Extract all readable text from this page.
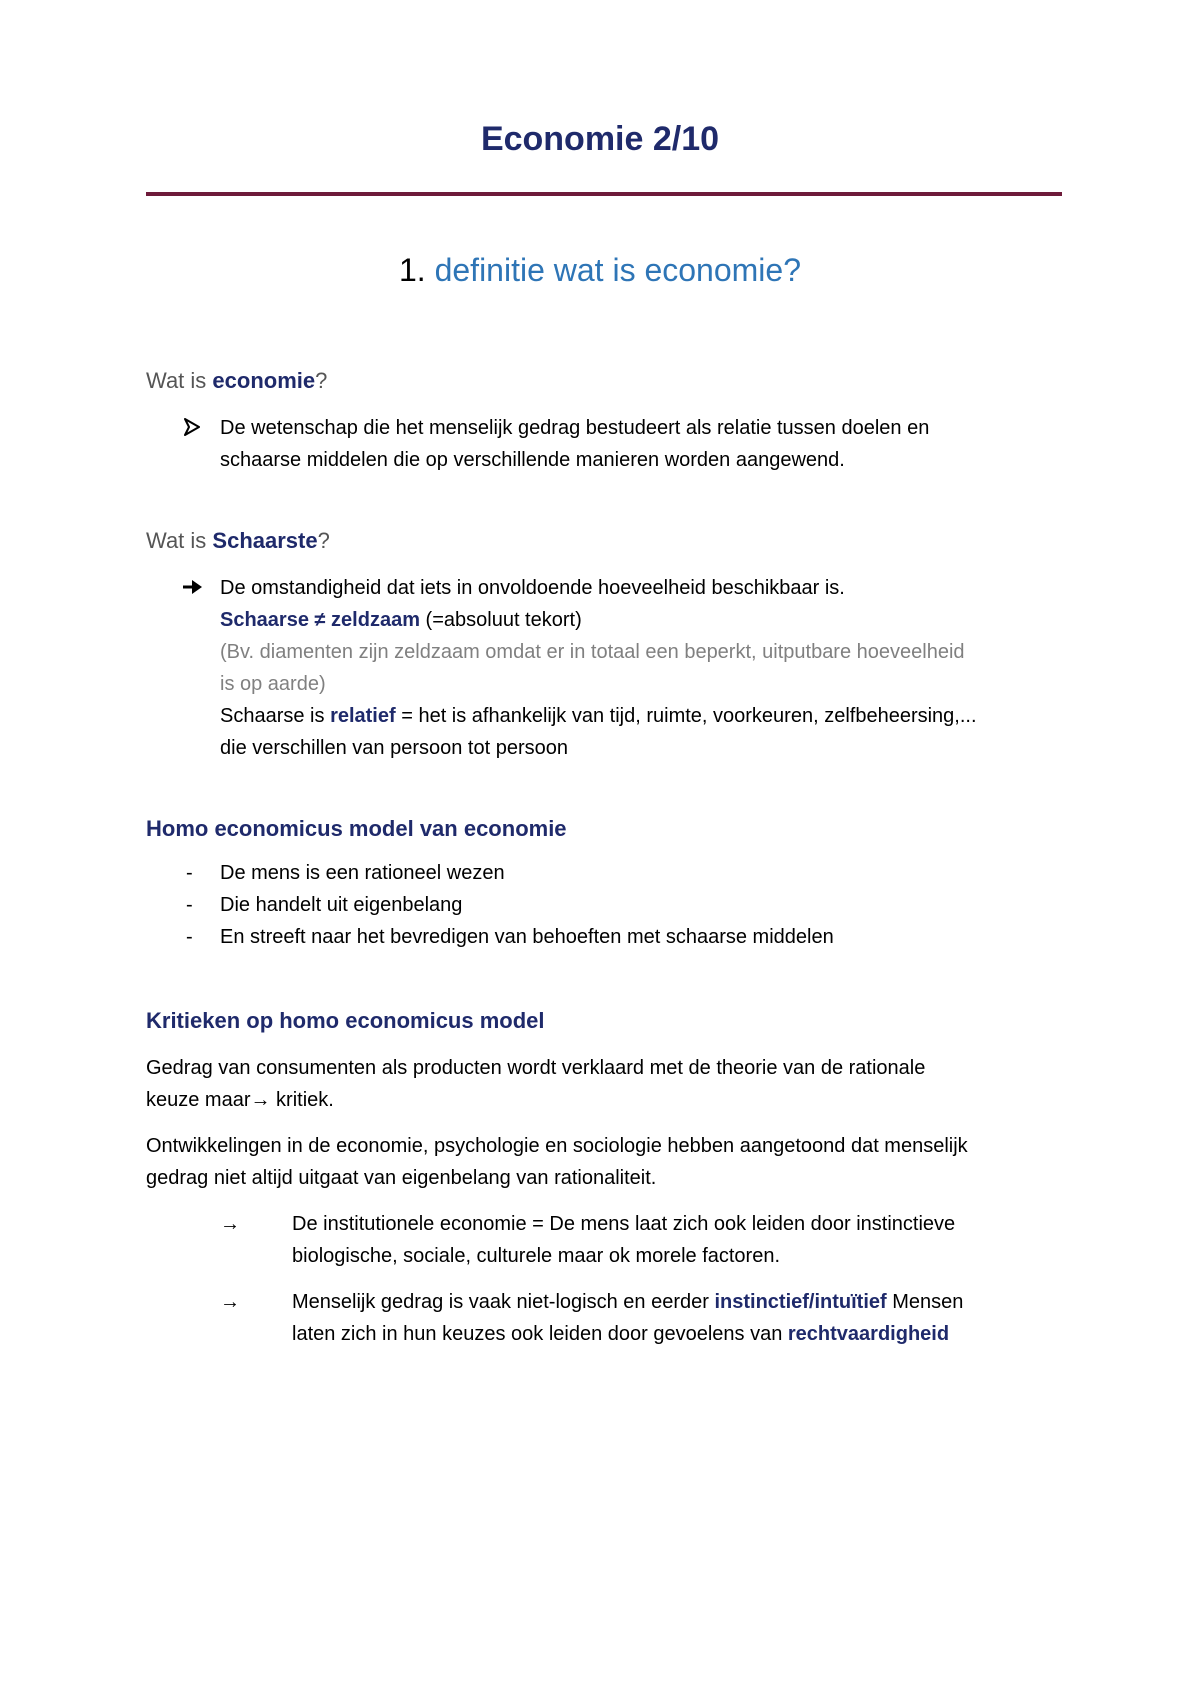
Economie 2/10
1. definitie wat is economie?
Wat is economie?
De wetenschap die het menselijk gedrag bestudeert als relatie tussen doelen en
schaarse middelen die op verschillende manieren worden aangewend.
Wat is Schaarste?
De omstandigheid dat iets in onvoldoende hoeveelheid beschikbaar is.
Schaarse ≠ zeldzaam (=absoluut tekort)
(Bv. diamenten zijn zeldzaam omdat er in totaal een beperkt, uitputbare hoeveelheid
is op aarde)
Schaarse is relatief = het is afhankelijk van tijd, ruimte, voorkeuren, zelfbeheersing,...
die verschillen van persoon tot persoon
Homo economicus model van economie
- De mens is een rationeel wezen
- Die handelt uit eigenbelang
- En streeft naar het bevredigen van behoeften met schaarse middelen
Kritieken op homo economicus model
Gedrag van consumenten als producten wordt verklaard met de theorie van de rationale
keuze maar→ kritiek.
Ontwikkelingen in de economie, psychologie en sociologie hebben aangetoond dat menselijk
gedrag niet altijd uitgaat van eigenbelang van rationaliteit.
→	De institutionele economie = De mens laat zich ook leiden door instinctieve
biologische, sociale, culturele maar ok morele factoren.
→	Menselijk gedrag is vaak niet-logisch en eerder instinctief/intuïtief Mensen
laten zich in hun keuzes ook leiden door gevoelens van rechtvaardigheid
